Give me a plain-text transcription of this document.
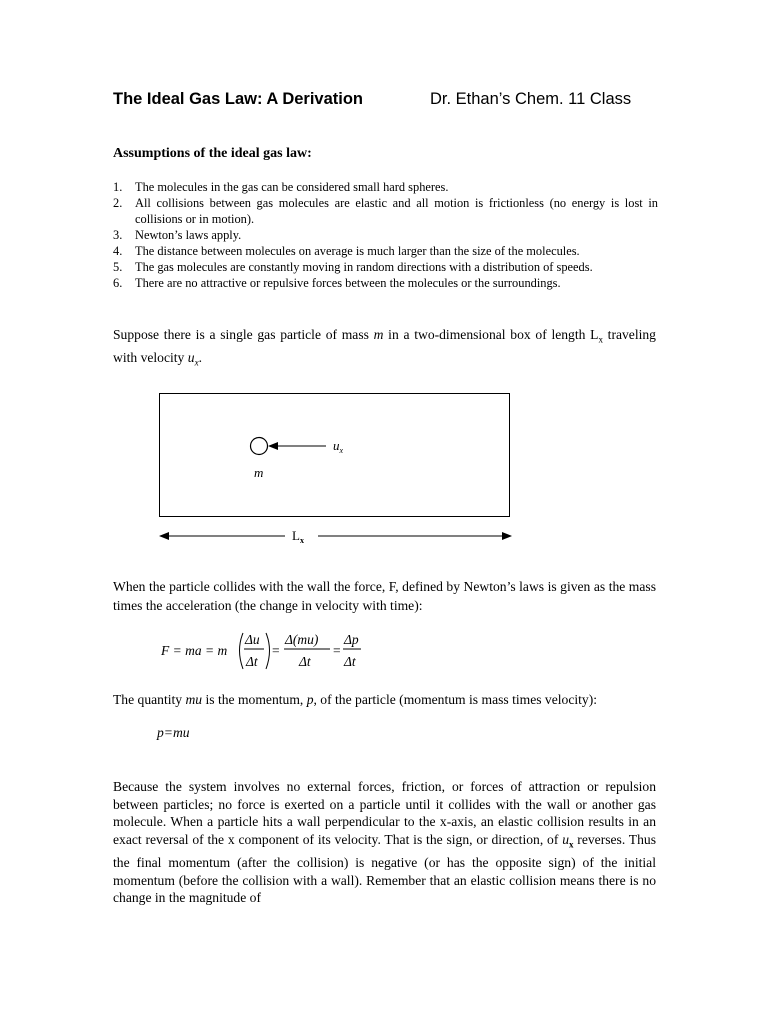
The Ideal Gas Law: A Derivation	Dr. Ethan’s Chem. 11 Class
Assumptions of the ideal gas law:
1.	The molecules in the gas can be considered small hard spheres.
2.	All collisions between gas molecules are elastic and all motion is frictionless (no energy is lost in collisions or in motion).
3.	Newton’s laws apply.
4.	The distance between molecules on average is much larger than the size of the molecules.
5.	The gas molecules are constantly moving in random directions with a distribution of speeds.
6.	There are no attractive or repulsive forces between the molecules or the surroundings.
Suppose there is a single gas particle of mass m in a two-dimensional box of length $L_x$ traveling with velocity $u_x$.
$u_x$
m
$L_x$
When the particle collides with the wall the force, F, defined by Newton’s laws is given as the mass times the acceleration (the change in velocity with time):
F = ma = m
Δu
Δt
=
Δ(mu)
Δt
=
Δp
Δt
The quantity mu is the momentum, p, of the particle (momentum is mass times velocity):
p=mu
Because the system involves no external forces, friction, or forces of attraction or repulsion between particles; no force is exerted on a particle until it collides with the wall or another gas molecule. When a particle hits a wall perpendicular to the x-axis, an elastic collision results in an exact reversal of the x component of its velocity. That is the sign, or direction, of $u_x$ reverses. Thus the final momentum (after the collision) is negative (or has the opposite sign) of the initial momentum (before the collision with a wall). Remember that an elastic collision means there is no change in the magnitude of
